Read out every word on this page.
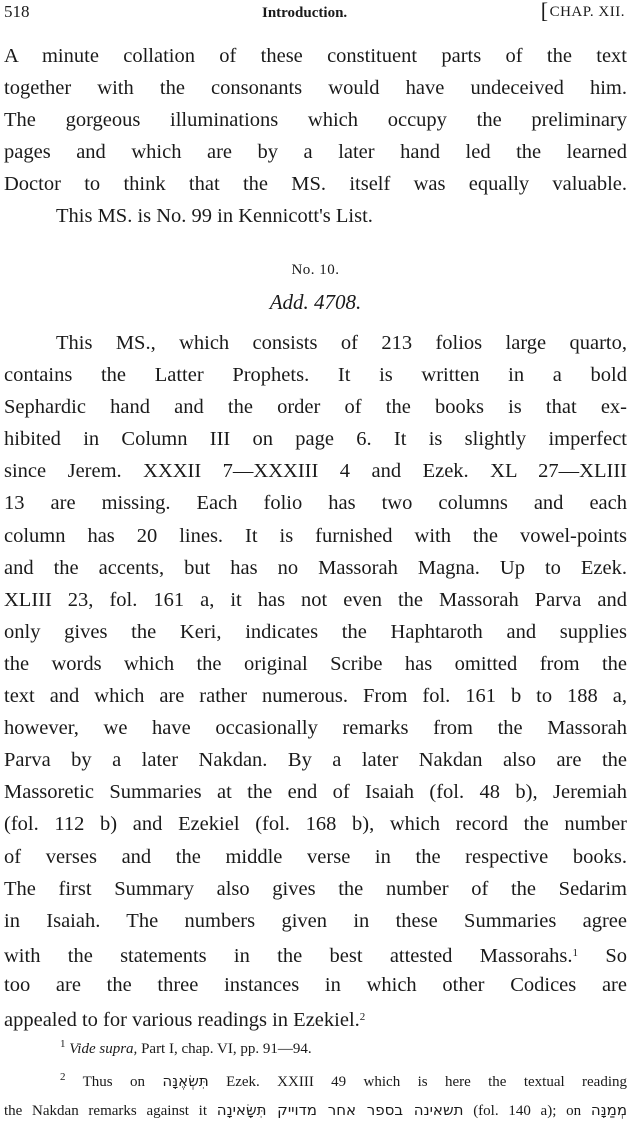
518	Introduction.	[CHAP. XII.
A minute collation of these constituent parts of the text
together with the consonants would have undeceived him.
The gorgeous illuminations which occupy the preliminary
pages and which are by a later hand led the learned
Doctor to think that the MS. itself was equally valuable.
This MS. is No. 99 in Kennicott's List.
No. 10.
Add. 4708.
This MS., which consists of 213 folios large quarto,
contains the Latter Prophets. It is written in a bold
Sephardic hand and the order of the books is that ex-
hibited in Column III on page 6. It is slightly imperfect
since Jerem. XXXII 7—XXXIII 4 and Ezek. XL 27—XLIII
13 are missing. Each folio has two columns and each
column has 20 lines. It is furnished with the vowel-points
and the accents, but has no Massorah Magna. Up to Ezek.
XLIII 23, fol. 161 a, it has not even the Massorah Parva and
only gives the Keri, indicates the Haphtaroth and supplies
the words which the original Scribe has omitted from the
text and which are rather numerous. From fol. 161 b to 188 a,
however, we have occasionally remarks from the Massorah
Parva by a later Nakdan. By a later Nakdan also are the
Massoretic Summaries at the end of Isaiah (fol. 48 b), Jeremiah
(fol. 112 b) and Ezekiel (fol. 168 b), which record the number
of verses and the middle verse in the respective books.
The first Summary also gives the number of the Sedarim
in Isaiah. The numbers given in these Summaries agree
with the statements in the best attested Massorahs.$^1$ So
too are the three instances in which other Codices are
appealed to for various readings in Ezekiel.$^2$
$^1$ Vide supra, Part I, chap. VI, pp. 91—94.
$^2$ Thus on תִּשְׂאֶנָּה Ezek. XXIII 49 which is here the textual reading
the Nakdan remarks against it תשאינה בספר אחר מדוייק תִּשָּׂאינָה (fol. 140 a); on מְמַנָּה
